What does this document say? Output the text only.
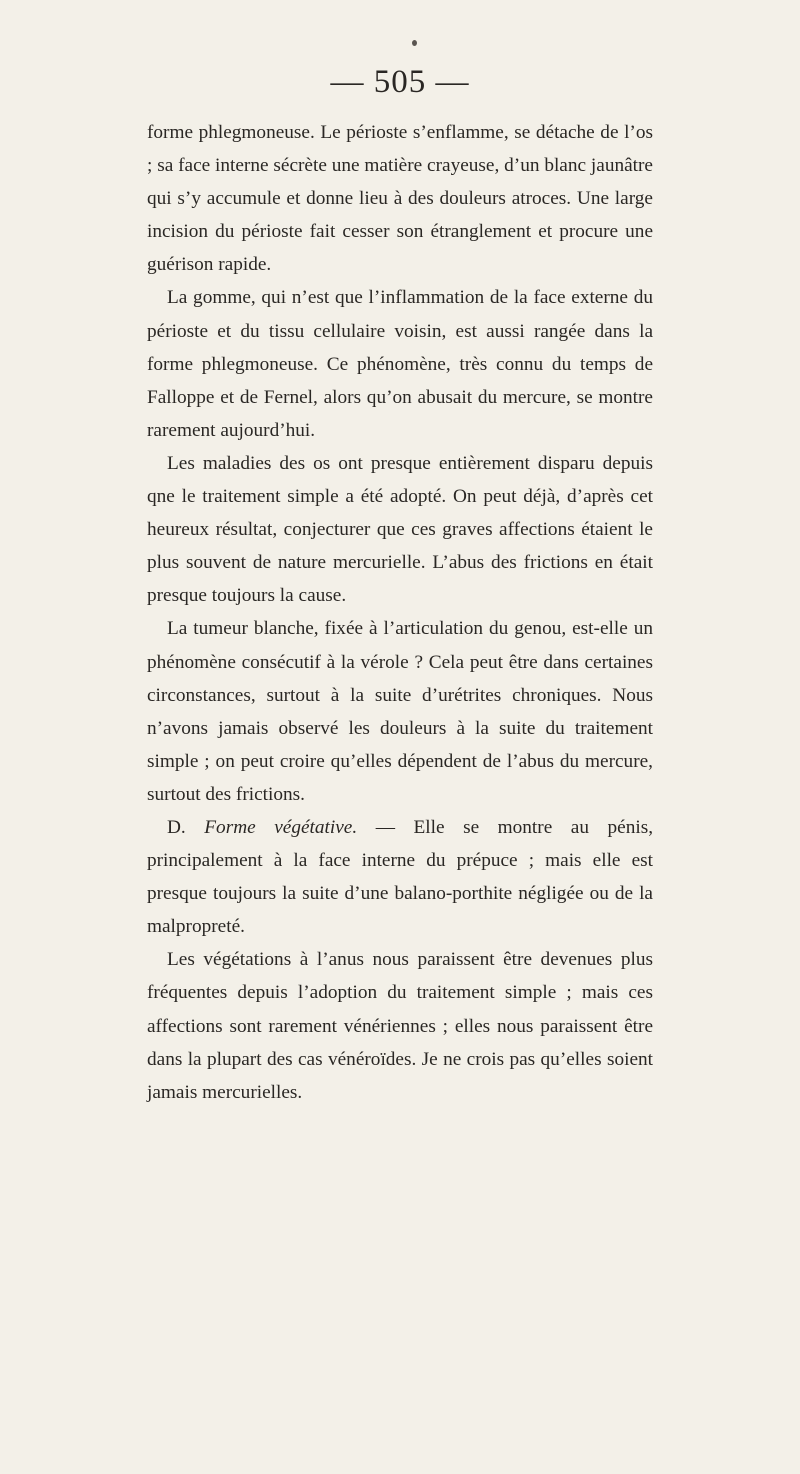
— 505 —

forme phlegmoneuse. Le périoste s’enflamme, se détache de l’os ; sa face interne sécrète une matière crayeuse, d’un blanc jaunâtre qui s’y accumule et donne lieu à des douleurs atroces. Une large incision du périoste fait cesser son étranglement et procure une guérison rapide.

La gomme, qui n’est que l’inflammation de la face externe du périoste et du tissu cellulaire voisin, est aussi rangée dans la forme phlegmoneuse. Ce phénomène, très connu du temps de Falloppe et de Fernel, alors qu’on abusait du mercure, se montre rarement aujourd’hui.

Les maladies des os ont presque entièrement disparu depuis qne le traitement simple a été adopté. On peut déjà, d’après cet heureux résultat, conjecturer que ces graves affections étaient le plus souvent de nature mercurielle. L’abus des frictions en était presque toujours la cause.

La tumeur blanche, fixée à l’articulation du genou, est-elle un phénomène consécutif à la vérole ? Cela peut être dans certaines circonstances, surtout à la suite d’urétrites chroniques. Nous n’avons jamais observé les douleurs à la suite du traitement simple ; on peut croire qu’elles dépendent de l’abus du mercure, surtout des frictions.

D. Forme végétative. — Elle se montre au pénis, principalement à la face interne du prépuce ; mais elle est presque toujours la suite d’une balano-porthite négligée ou de la malpropreté.

Les végétations à l’anus nous paraissent être devenues plus fréquentes depuis l’adoption du traitement simple ; mais ces affections sont rarement vénériennes ; elles nous paraissent être dans la plupart des cas vénéroïdes. Je ne crois pas qu’elles soient jamais mercurielles.
